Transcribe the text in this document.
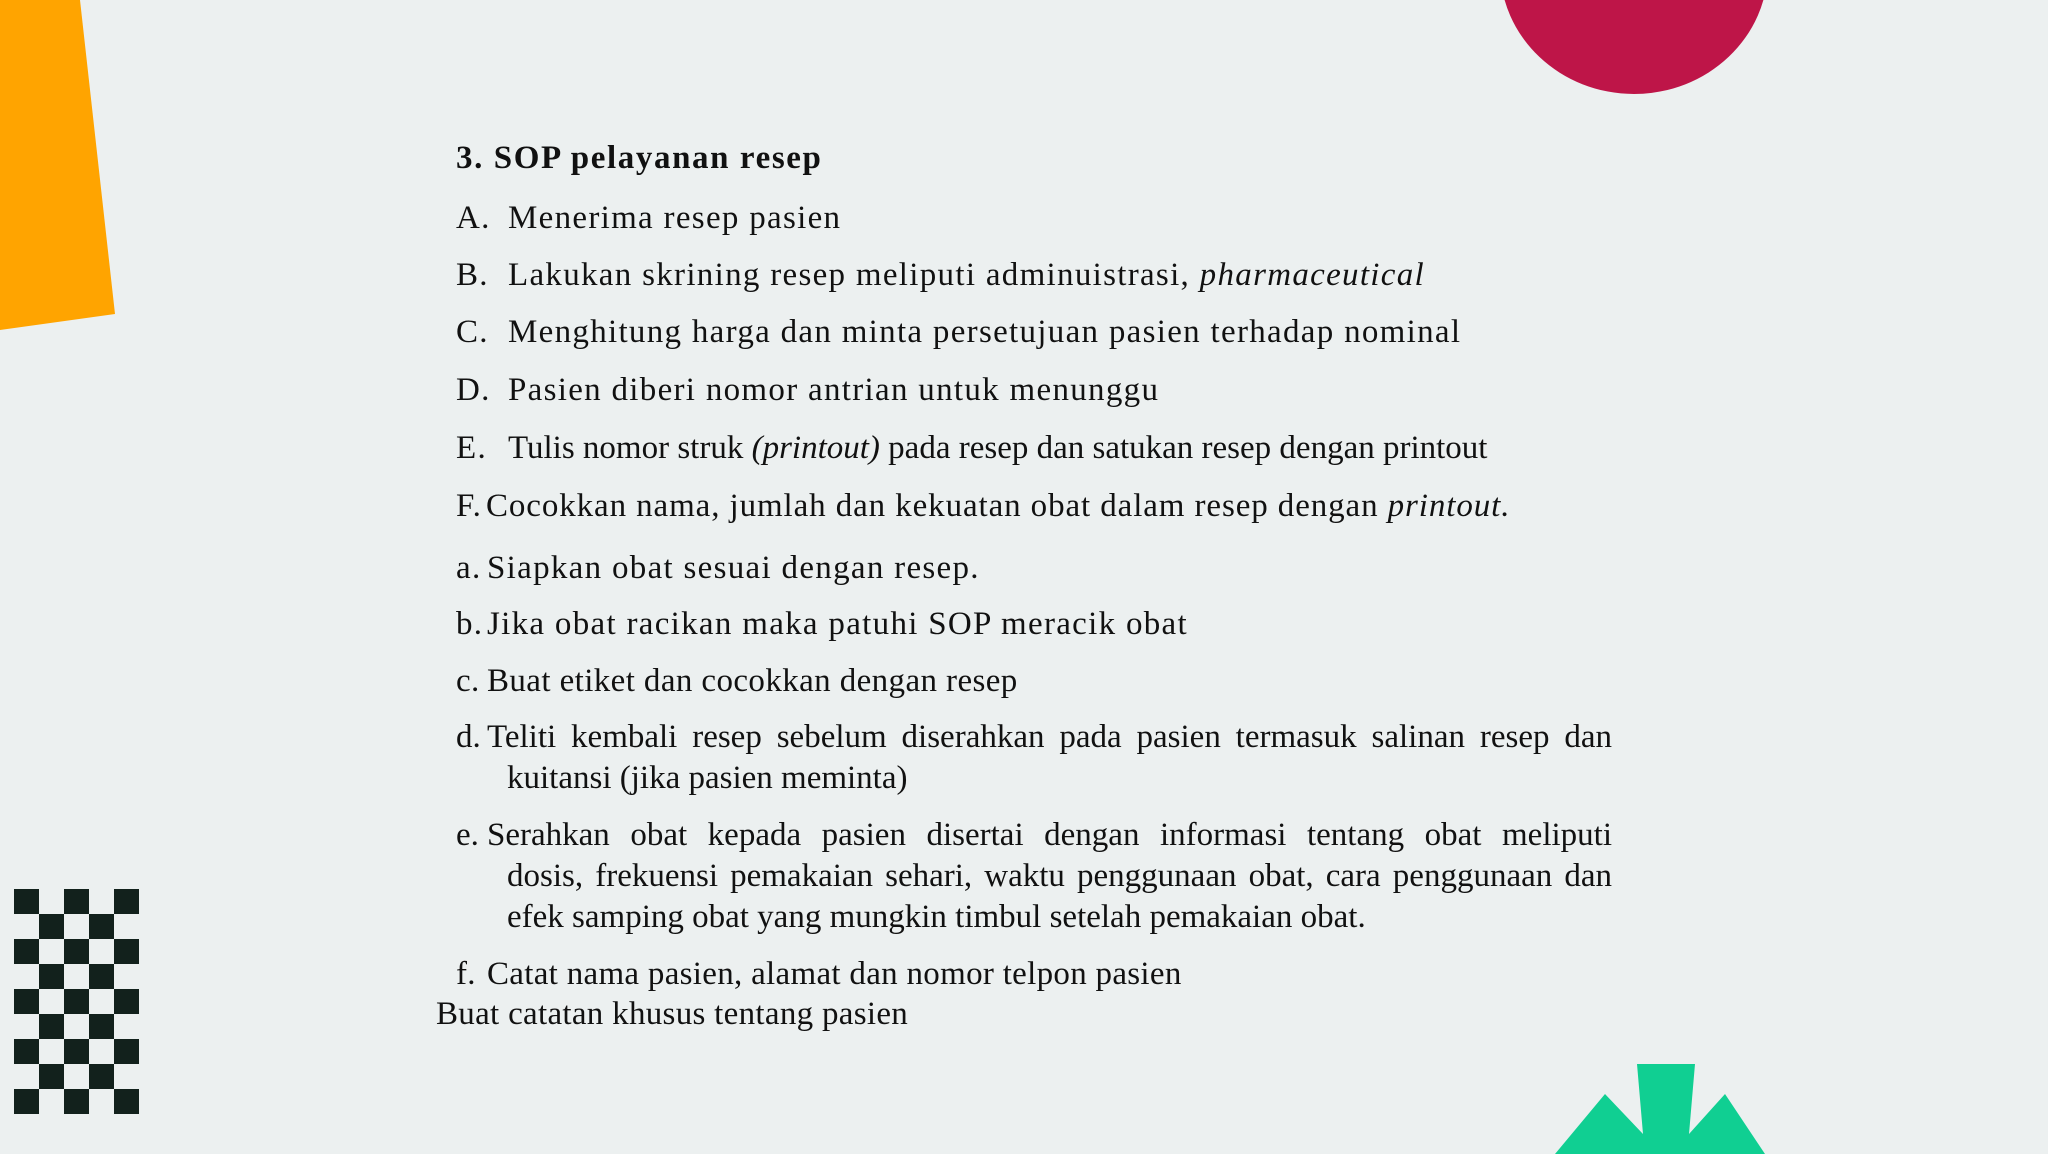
3. SOP pelayanan resep
A. Menerima resep pasien
B. Lakukan skrining resep meliputi adminuistrasi, pharmaceutical
C. Menghitung harga dan minta persetujuan pasien terhadap nominal
D. Pasien diberi nomor antrian untuk menunggu
E. Tulis nomor struk (printout) pada resep dan satukan resep dengan printout
F. Cocokkan nama, jumlah dan kekuatan obat dalam resep dengan printout.
a. Siapkan obat sesuai dengan resep.
b. Jika obat racikan maka patuhi SOP meracik obat
c. Buat etiket dan cocokkan dengan resep
d. Teliti kembali resep sebelum diserahkan pada pasien termasuk salinan resep dan
kuitansi (jika pasien meminta)
e. Serahkan obat kepada pasien disertai dengan informasi tentang obat meliputi
dosis, frekuensi pemakaian sehari, waktu penggunaan obat, cara penggunaan dan
efek samping obat yang mungkin timbul setelah pemakaian obat.
f. Catat nama pasien, alamat dan nomor telpon pasien
Buat catatan khusus tentang pasien
